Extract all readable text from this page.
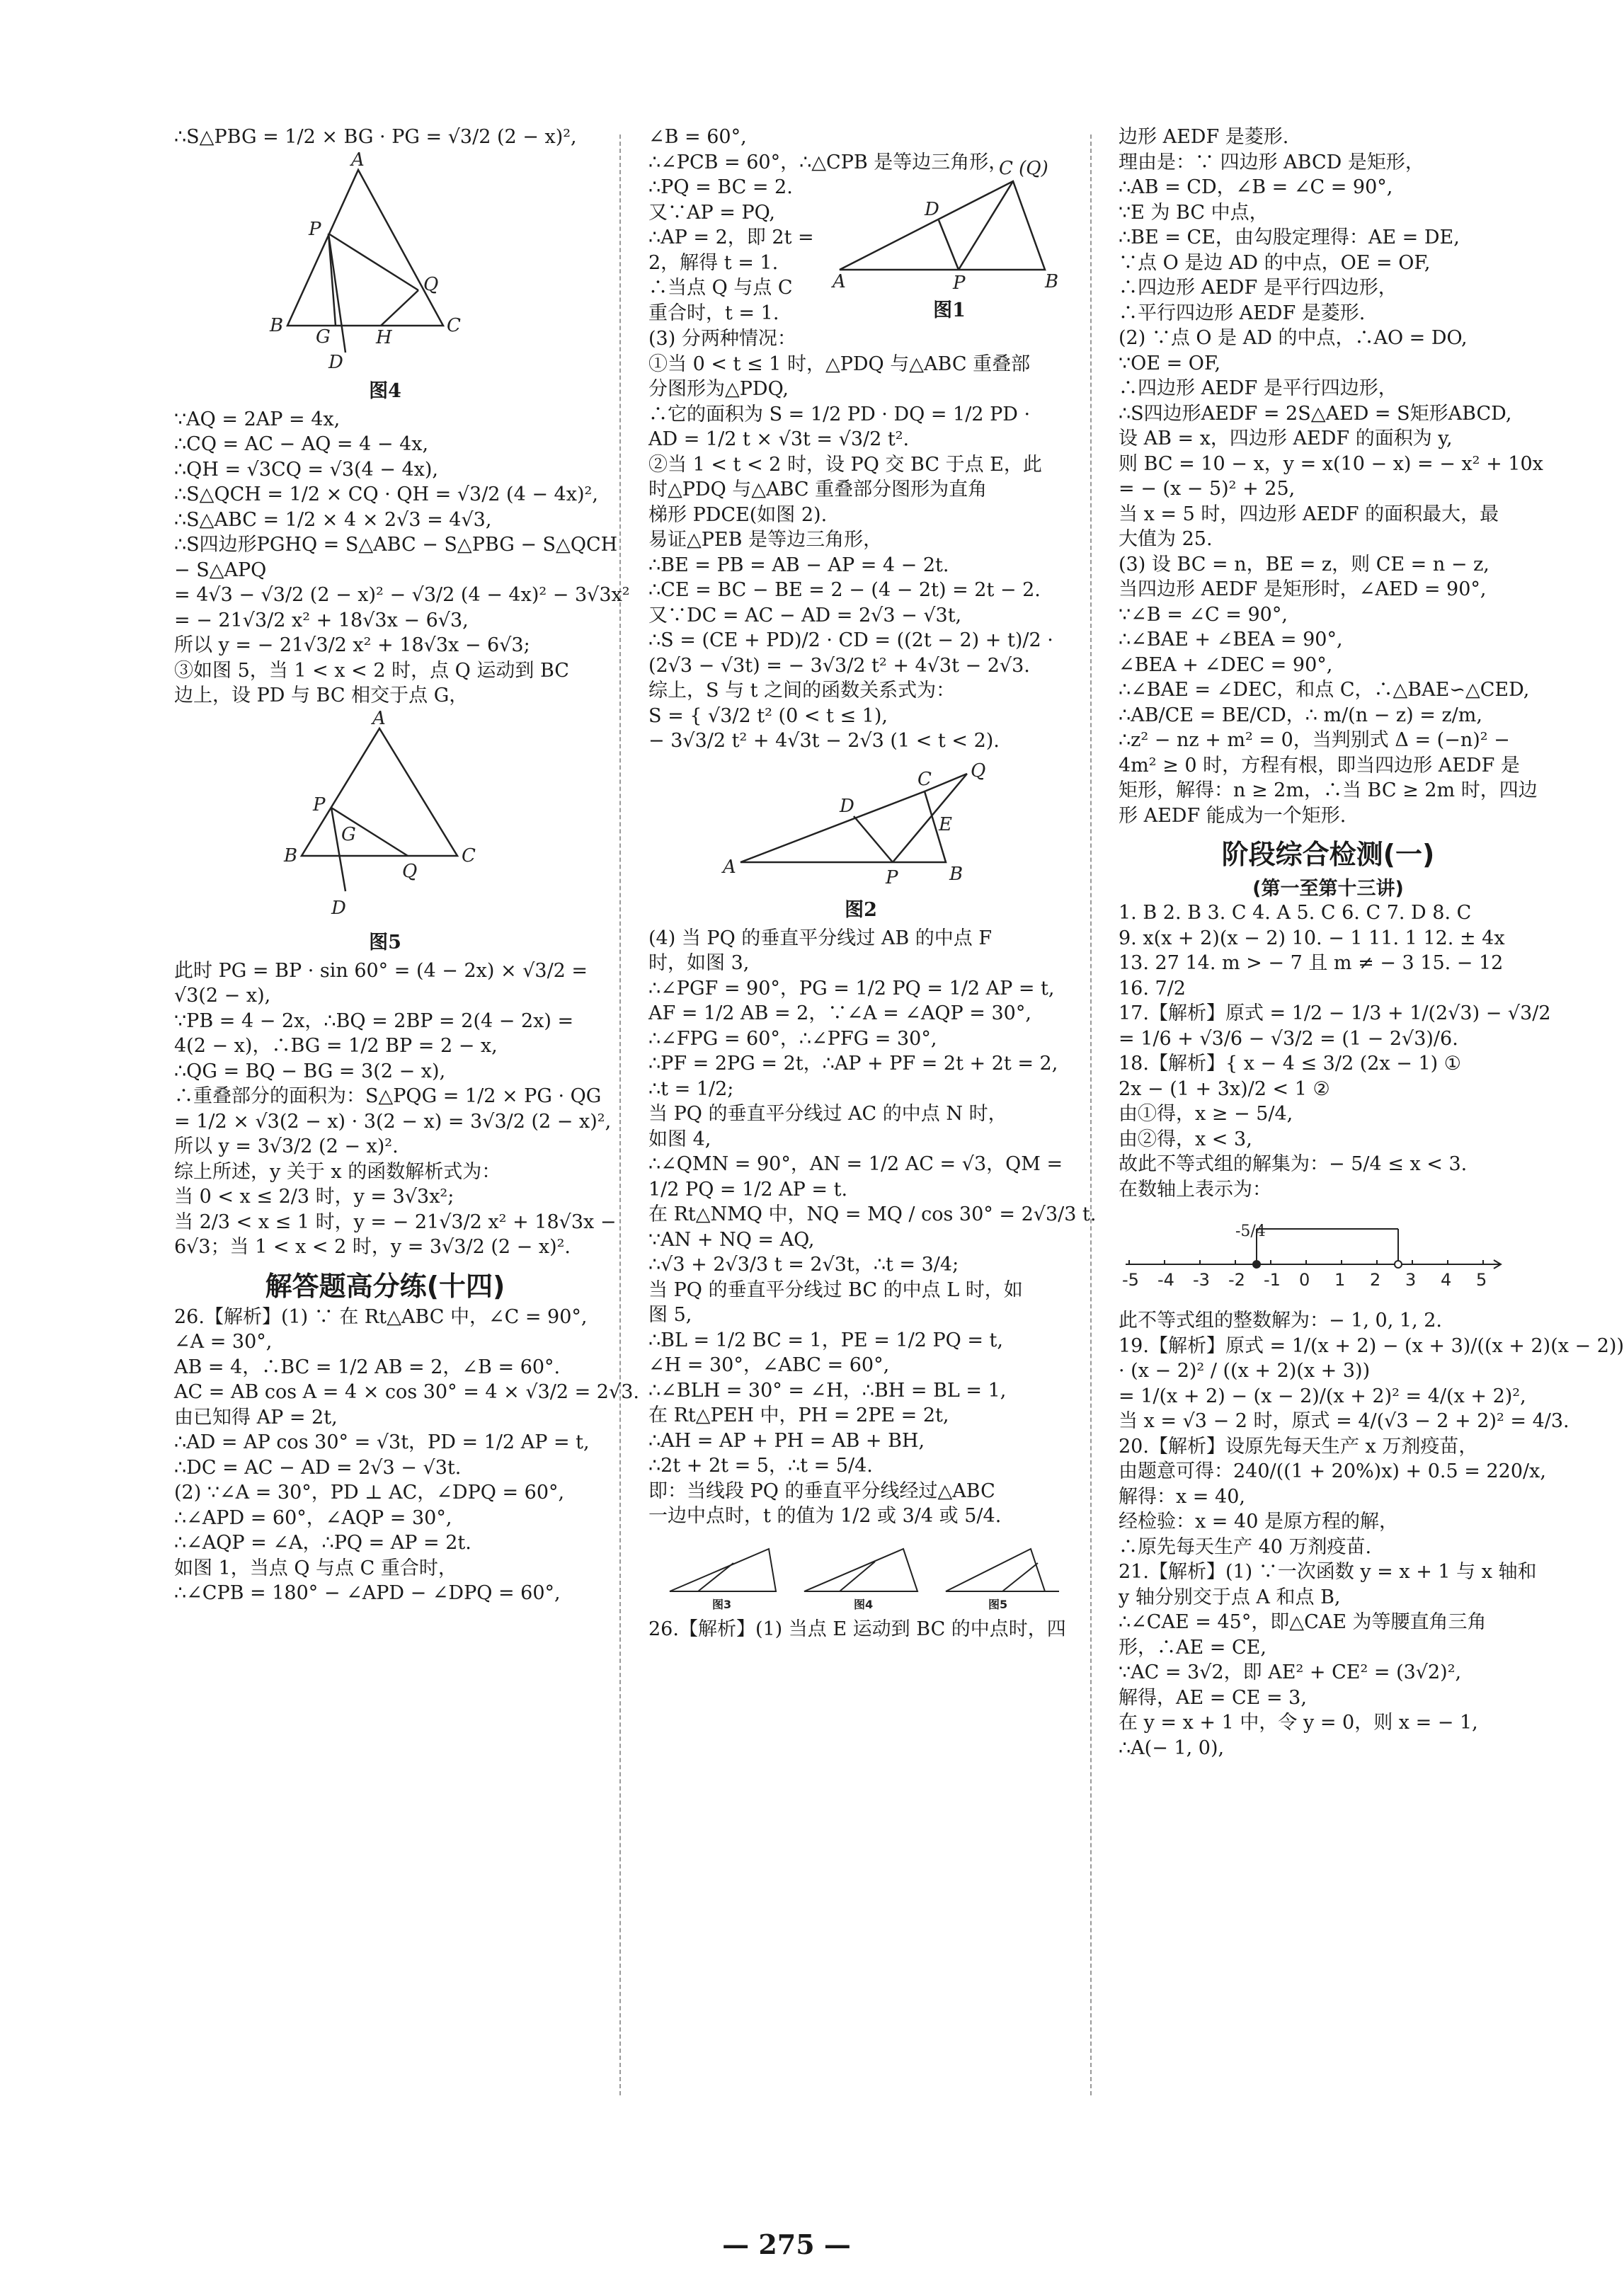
∴S△PBG = 1/2 × BG · PG = √3/2 (2 − x)²,
A
P
Q
B
G H
C
D
图4
∵AQ = 2AP = 4x,
∴CQ = AC − AQ = 4 − 4x,
∴QH = √3CQ = √3(4 − 4x),
∴S△QCH = 1/2 × CQ · QH = √3/2 (4 − 4x)²,
∴S△ABC = 1/2 × 4 × 2√3 = 4√3,
∴S四边形PGHQ = S△ABC − S△PBG − S△QCH
− S△APQ
= 4√3 − √3/2 (2 − x)² − √3/2 (4 − 4x)² − 3√3x²
= − 21√3/2 x² + 18√3x − 6√3,
所以 y = − 21√3/2 x² + 18√3x − 6√3;
③如图 5，当 1 < x < 2 时，点 Q 运动到 BC
边上，设 PD 与 BC 相交于点 G，
A
P
G
B
Q
C
D
图5
此时 PG = BP · sin 60° = (4 − 2x) × √3/2 =
√3(2 − x),
∵PB = 4 − 2x，∴BQ = 2BP = 2(4 − 2x) =
4(2 − x)，∴BG = 1/2 BP = 2 − x,
∴QG = BQ − BG = 3(2 − x),
∴重叠部分的面积为：S△PQG = 1/2 × PG · QG
= 1/2 × √3(2 − x) · 3(2 − x) = 3√3/2 (2 − x)²,
所以 y = 3√3/2 (2 − x)².
综上所述，y 关于 x 的函数解析式为：
当 0 < x ≤ 2/3 时，y = 3√3x²;
当 2/3 < x ≤ 1 时，y = − 21√3/2 x² + 18√3x −
6√3；当 1 < x < 2 时，y = 3√3/2 (2 − x)².
解答题高分练(十四)
26.【解析】(1) ∵ 在 Rt△ABC 中，∠C = 90°,
∠A = 30°,
AB = 4，∴BC = 1/2 AB = 2，∠B = 60°.
AC = AB cos A = 4 × cos 30° = 4 × √3/2 = 2√3.
由已知得 AP = 2t,
∴AD = AP cos 30° = √3t，PD = 1/2 AP = t,
∴DC = AC − AD = 2√3 − √3t.
(2) ∵∠A = 30°，PD ⊥ AC，∠DPQ = 60°,
∴∠APD = 60°，∠AQP = 30°,
∴∠AQP = ∠A，∴PQ = AP = 2t.
如图 1，当点 Q 与点 C 重合时，
∴∠CPB = 180° − ∠APD − ∠DPQ = 60°,
∠B = 60°,
∴∠PCB = 60°，∴△CPB 是等边三角形，
∴PQ = BC = 2.
又∵AP = PQ,
∴AP = 2，即 2t =
2，解得 t = 1.
∴当点 Q 与点 C
重合时，t = 1.
C (Q)
D
A	P	B
图1
(3) 分两种情况：
①当 0 < t ≤ 1 时，△PDQ 与△ABC 重叠部
分图形为△PDQ,
∴它的面积为 S = 1/2 PD · DQ = 1/2 PD ·
AD = 1/2 t × √3t = √3/2 t².
②当 1 < t < 2 时，设 PQ 交 BC 于点 E，此
时△PDQ 与△ABC 重叠部分图形为直角
梯形 PDCE(如图 2).
易证△PEB 是等边三角形，
∴BE = PB = AB − AP = 4 − 2t.
∴CE = BC − BE = 2 − (4 − 2t) = 2t − 2.
又∵DC = AC − AD = 2√3 − √3t,
∴S = (CE + PD)/2 · CD = ((2t − 2) + t)/2 ·
(2√3 − √3t) = − 3√3/2 t² + 4√3t − 2√3.
综上，S 与 t 之间的函数关系式为：
S = { √3/2 t² (0 < t ≤ 1),
− 3√3/2 t² + 4√3t − 2√3 (1 < t < 2).
C Q
D
E
A	P	B
图2
(4) 当 PQ 的垂直平分线过 AB 的中点 F
时，如图 3,
∴∠PGF = 90°，PG = 1/2 PQ = 1/2 AP = t,
AF = 1/2 AB = 2，∵∠A = ∠AQP = 30°,
∴∠FPG = 60°，∴∠PFG = 30°,
∴PF = 2PG = 2t，∴AP + PF = 2t + 2t = 2,
∴t = 1/2;
当 PQ 的垂直平分线过 AC 的中点 N 时，
如图 4,
∴∠QMN = 90°，AN = 1/2 AC = √3，QM =
1/2 PQ = 1/2 AP = t.
在 Rt△NMQ 中，NQ = MQ / cos 30° = 2√3/3 t.
∵AN + NQ = AQ,
∴√3 + 2√3/3 t = 2√3t，∴t = 3/4;
当 PQ 的垂直平分线过 BC 的中点 L 时，如
图 5,
∴BL = 1/2 BC = 1，PE = 1/2 PQ = t,
∠H = 30°，∠ABC = 60°,
∴∠BLH = 30° = ∠H，∴BH = BL = 1,
在 Rt△PEH 中，PH = 2PE = 2t,
∴AH = AP + PH = AB + BH,
∴2t + 2t = 5，∴t = 5/4.
即：当线段 PQ 的垂直平分线经过△ABC
一边中点时，t 的值为 1/2 或 3/4 或 5/4.
图3	图4	图5
26.【解析】(1) 当点 E 运动到 BC 的中点时，四
边形 AEDF 是菱形.
理由是：∵ 四边形 ABCD 是矩形，
∴AB = CD，∠B = ∠C = 90°,
∵E 为 BC 中点，
∴BE = CE，由勾股定理得：AE = DE,
∵点 O 是边 AD 的中点，OE = OF,
∴四边形 AEDF 是平行四边形，
∴平行四边形 AEDF 是菱形.
(2) ∵点 O 是 AD 的中点，∴AO = DO,
∵OE = OF,
∴四边形 AEDF 是平行四边形，
∴S四边形AEDF = 2S△AED = S矩形ABCD,
设 AB = x，四边形 AEDF 的面积为 y,
则 BC = 10 − x，y = x(10 − x) = − x² + 10x
= − (x − 5)² + 25,
当 x = 5 时，四边形 AEDF 的面积最大，最
大值为 25.
(3) 设 BC = n，BE = z，则 CE = n − z,
当四边形 AEDF 是矩形时，∠AED = 90°,
∵∠B = ∠C = 90°,
∴∠BAE + ∠BEA = 90°,
∠BEA + ∠DEC = 90°,
∴∠BAE = ∠DEC，和点 C，∴△BAE∽△CED,
∴AB/CE = BE/CD，∴ m/(n − z) = z/m,
∴z² − nz + m² = 0，当判别式 Δ = (−n)² −
4m² ≥ 0 时，方程有根，即当四边形 AEDF 是
矩形，解得：n ≥ 2m，∴当 BC ≥ 2m 时，四边
形 AEDF 能成为一个矩形.
阶段综合检测(一)
(第一至第十三讲)
1. B 2. B 3. C 4. A 5. C 6. C 7. D 8. C
9. x(x + 2)(x − 2) 10. − 1 11. 1 12. ± 4x
13. 27 14. m > − 7 且 m ≠ − 3 15. − 12
16. 7/2
17.【解析】原式 = 1/2 − 1/3 + 1/(2√3) − √3/2
= 1/6 + √3/6 − √3/2 = (1 − 2√3)/6.
18.【解析】{ x − 4 ≤ 3/2 (2x − 1) ①
2x − (1 + 3x)/2 < 1 ②
由①得，x ≥ − 5/4,
由②得，x < 3,
故此不等式组的解集为：− 5/4 ≤ x < 3.
在数轴上表示为：
-5/4
-5 -4 -3 -2 -1 0 1 2 3 4 5
此不等式组的整数解为：− 1, 0, 1, 2.
19.【解析】原式 = 1/(x + 2) − (x + 3)/((x + 2)(x − 2))
· (x − 2)² / ((x + 2)(x + 3))
= 1/(x + 2) − (x − 2)/(x + 2)² = 4/(x + 2)²,
当 x = √3 − 2 时，原式 = 4/(√3 − 2 + 2)² = 4/3.
20.【解析】设原先每天生产 x 万剂疫苗，
由题意可得：240/((1 + 20%)x) + 0.5 = 220/x,
解得：x = 40,
经检验：x = 40 是原方程的解，
∴原先每天生产 40 万剂疫苗.
21.【解析】(1) ∵一次函数 y = x + 1 与 x 轴和
y 轴分别交于点 A 和点 B,
∴∠CAE = 45°，即△CAE 为等腰直角三角
形，∴AE = CE,
∵AC = 3√2，即 AE² + CE² = (3√2)²,
解得，AE = CE = 3,
在 y = x + 1 中，令 y = 0，则 x = − 1,
∴A(− 1, 0),
— 275 —
